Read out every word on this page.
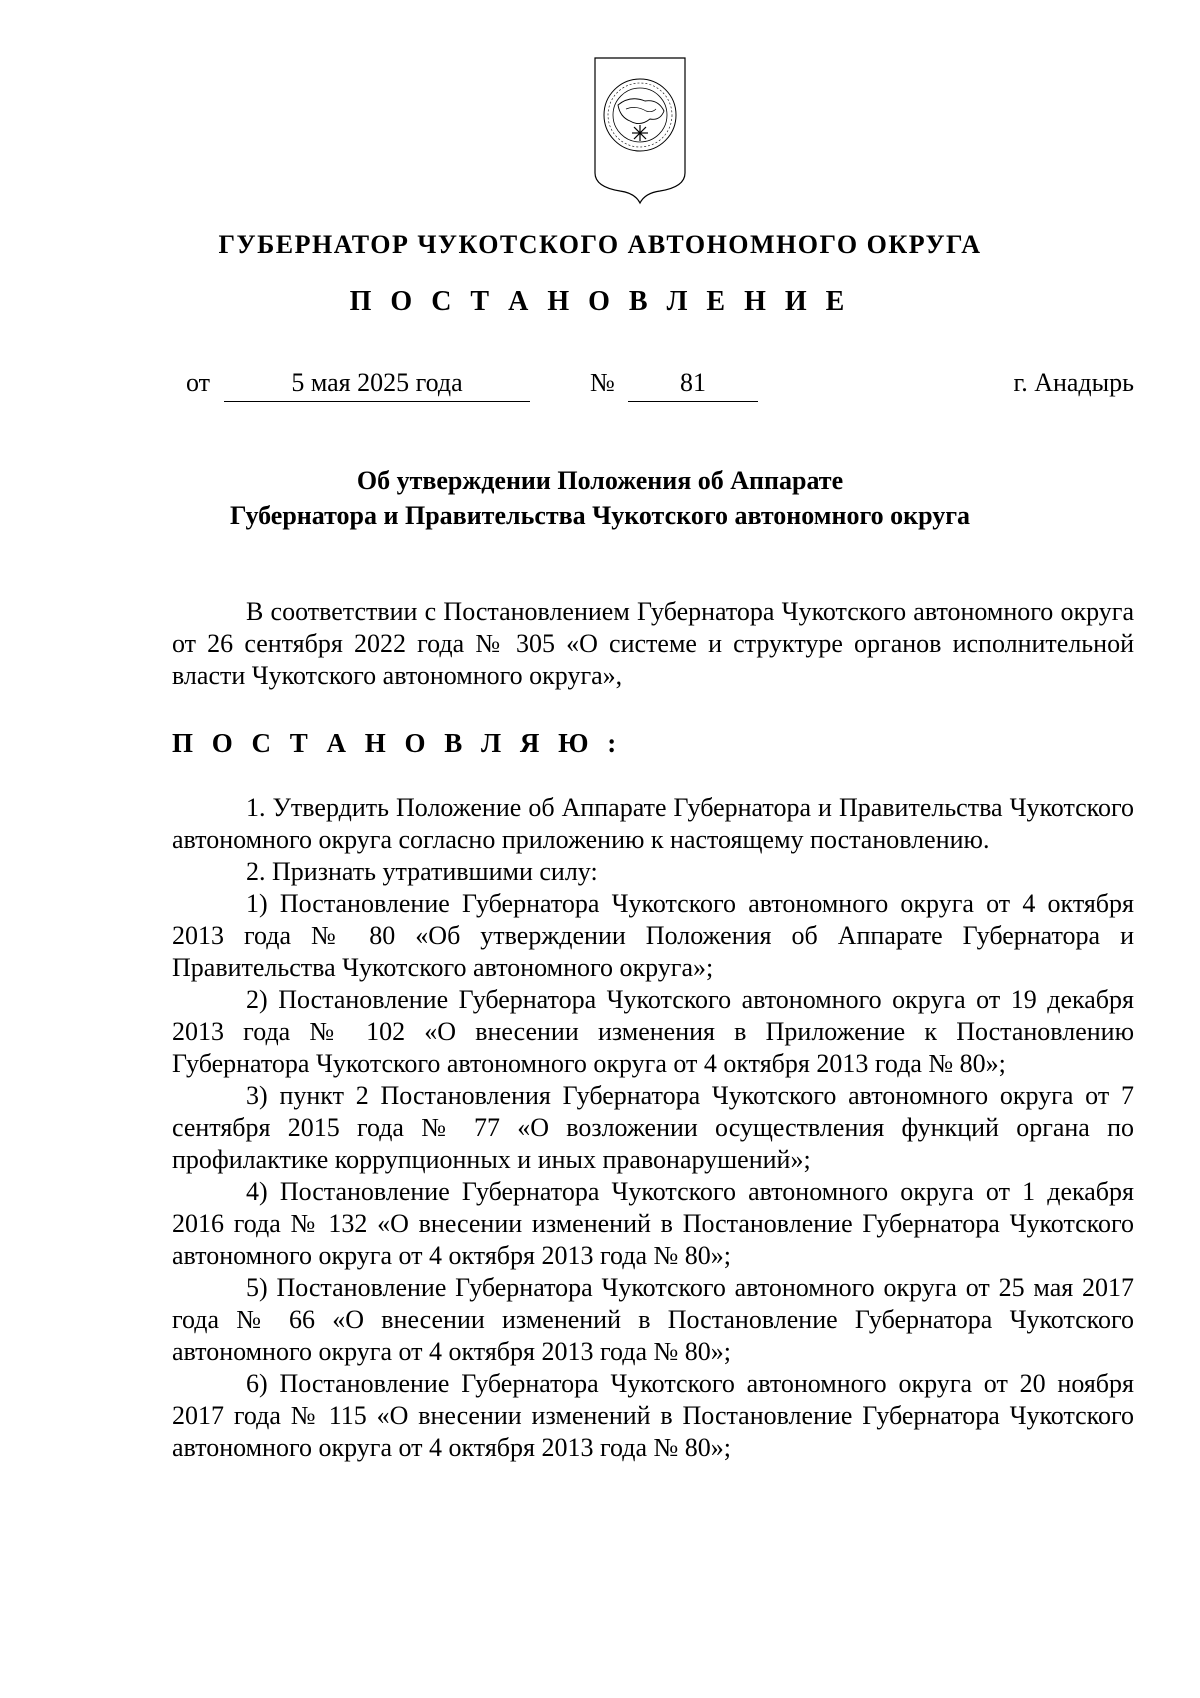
ГУБЕРНАТОР ЧУКОТСКОГО АВТОНОМНОГО ОКРУГА
П О С Т А Н О В Л Е Н И Е
от	5 мая 2025 года	№	81	г. Анадырь
Об утверждении Положения об Аппарате
Губернатора и Правительства Чукотского автономного округа

В соответствии с Постановлением Губернатора Чукотского автономного округа от 26 сентября 2022 года № 305 «О системе и структуре органов исполнительной власти Чукотского автономного округа»,

П О С Т А Н О В Л Я Ю :

1. Утвердить Положение об Аппарате Губернатора и Правительства Чукотского автономного округа согласно приложению к настоящему постановлению.

2. Признать утратившими силу:

1) Постановление Губернатора Чукотского автономного округа от 4 октября 2013 года № 80 «Об утверждении Положения об Аппарате Губернатора и Правительства Чукотского автономного округа»;

2) Постановление Губернатора Чукотского автономного округа от 19 декабря 2013 года № 102 «О внесении изменения в Приложение к Постановлению Губернатора Чукотского автономного округа от 4 октября 2013 года № 80»;

3) пункт 2 Постановления Губернатора Чукотского автономного округа от 7 сентября 2015 года № 77 «О возложении осуществления функций органа по профилактике коррупционных и иных правонарушений»;

4) Постановление Губернатора Чукотского автономного округа от 1 декабря 2016 года № 132 «О внесении изменений в Постановление Губернатора Чукотского автономного округа от 4 октября 2013 года № 80»;

5) Постановление Губернатора Чукотского автономного округа от 25 мая 2017 года № 66 «О внесении изменений в Постановление Губернатора Чукотского автономного округа от 4 октября 2013 года № 80»;

6) Постановление Губернатора Чукотского автономного округа от 20 ноября 2017 года № 115 «О внесении изменений в Постановление Губернатора Чукотского автономного округа от 4 октября 2013 года № 80»;
